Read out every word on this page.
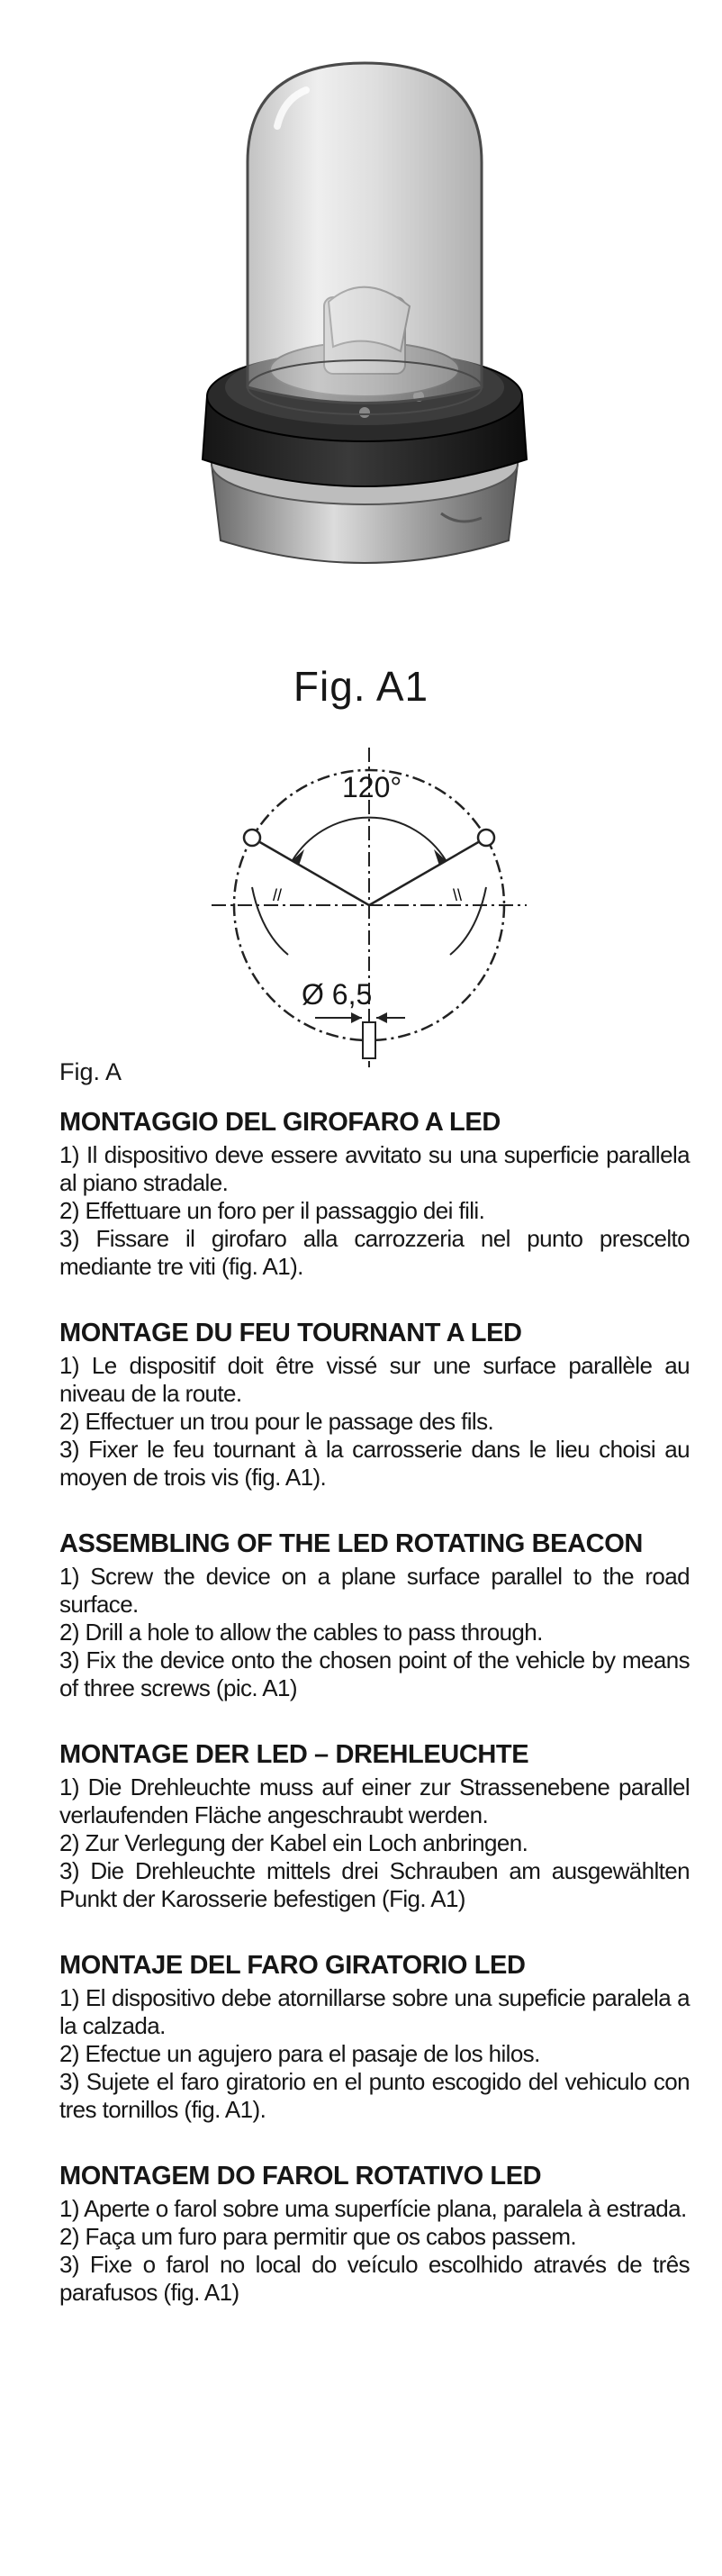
Fig. A1
//	\\
120°
Ø 6,5
Fig. A
MONTAGGIO DEL GIROFARO A LED

1) Il dispositivo deve essere avvitato su una superficie parallela al piano stradale.

2) Effettuare un foro per il passaggio dei fili.

3) Fissare il girofaro alla carrozzeria nel punto prescelto mediante tre viti (fig. A1).

MONTAGE DU FEU TOURNANT A LED

1) Le dispositif doit être vissé sur une surface parallèle au niveau de la route.

2) Effectuer un trou pour le passage des fils.

3) Fixer le feu tournant à la carrosserie dans le lieu choisi au moyen de trois vis (fig. A1).

ASSEMBLING OF THE LED ROTATING BEACON

1) Screw the device on a plane surface parallel to the road surface.

2) Drill a hole to allow the cables to pass through.

3) Fix the device onto the chosen point of the vehicle by means of three screws (pic. A1)

MONTAGE DER LED – DREHLEUCHTE

1) Die Drehleuchte muss auf einer zur Strassenebene parallel verlaufenden Fläche angeschraubt werden.

2) Zur Verlegung der Kabel ein Loch anbringen.

3) Die Drehleuchte mittels drei Schrauben am ausgewählten Punkt der Karosserie befestigen (Fig. A1)

MONTAJE DEL FARO GIRATORIO LED

1) El dispositivo debe atornillarse sobre una supeficie paralela a la calzada.

2) Efectue un agujero para el pasaje de los hilos.

3) Sujete el faro giratorio en el punto escogido del vehiculo con tres tornillos (fig. A1).

MONTAGEM DO FAROL ROTATIVO LED

1) Aperte o farol sobre uma superfície plana, paralela à estrada.

2) Faça um furo para permitir que os cabos passem.

3) Fixe o farol no local do veículo escolhido através de três parafusos (fig. A1)
